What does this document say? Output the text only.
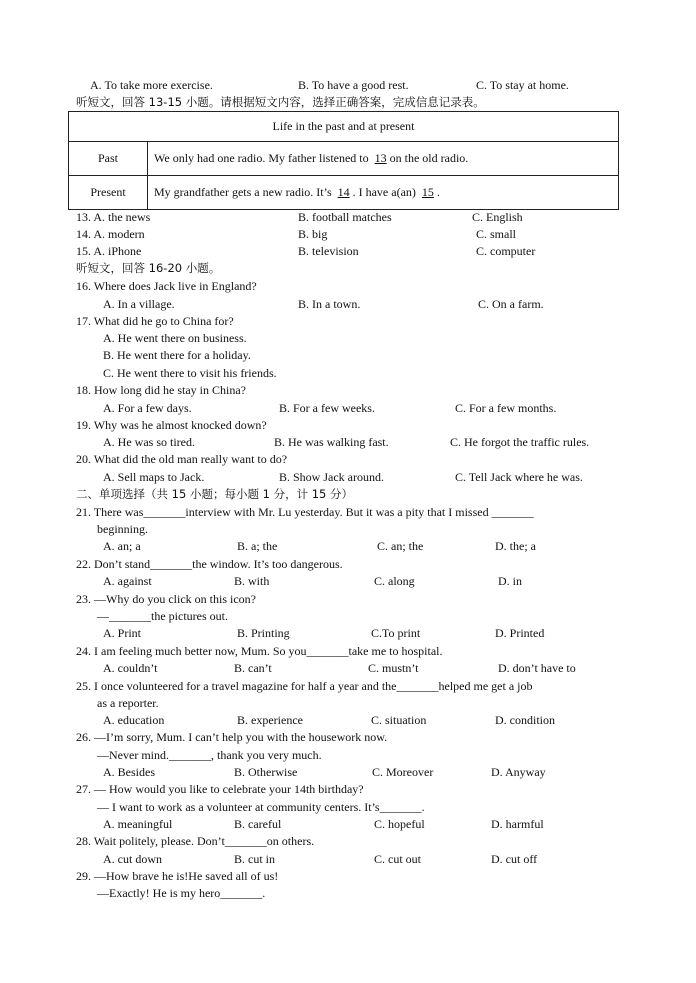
A. To take more exercise.	B. To have a good rest.	C. To stay at home.
听短文，回答 13-15 小题。请根据短文内容，选择正确答案，完成信息记录表。
Life in the past and at present	
Past	We only had one radio. My father listened to 13 on the old radio.
Present	My grandfather gets a new radio. It’s 14 . I have a(an) 15 .
13. A. the news	B. football matches	C. English
14. A. modern	B. big	C. small
15. A. iPhone	B. television	C. computer
听短文，回答 16-20 小题。
16. Where does Jack live in England?
A. In a village.	B. In a town.	C. On a farm.
17. What did he go to China for?
A. He went there on business.
B. He went there for a holiday.
C. He went there to visit his friends.
18. How long did he stay in China?
A. For a few days.	B. For a few weeks.	C. For a few months.
19. Why was he almost knocked down?
A. He was so tired.	B. He was walking fast.	C. He forgot the traffic rules.
20. What did the old man really want to do?
A. Sell maps to Jack.	B. Show Jack around.	C. Tell Jack where he was.
二、单项选择（共 15 小题；每小题 1 分，计 15 分）
21. There was_______interview with Mr. Lu yesterday. But it was a pity that I missed _______
beginning.
A. an; a	B. a; the	C. an; the	D. the; a
22. Don’t stand_______the window. It’s too dangerous.
A. against	B. with	C. along	D. in
23. —Why do you click on this icon?
—_______the pictures out.
A. Print	B. Printing	C.To print	D. Printed
24. I am feeling much better now, Mum. So you_______take me to hospital.
A. couldn’t	B. can’t	C. mustn’t	D. don’t have to
25. I once volunteered for a travel magazine for half a year and the_______helped me get a job
as a reporter.
A. education	B. experience	C. situation	D. condition
26. —I’m sorry, Mum. I can’t help you with the housework now.
—Never mind._______, thank you very much.
A. Besides	B. Otherwise	C. Moreover	D. Anyway
27. — How would you like to celebrate your 14th birthday?
— I want to work as a volunteer at community centers. It’s_______.
A. meaningful	B. careful	C. hopeful	D. harmful
28. Wait politely, please. Don’t_______on others.
A. cut down	B. cut in	C. cut out	D. cut off
29. —How brave he is!He saved all of us!
—Exactly! He is my hero_______.
